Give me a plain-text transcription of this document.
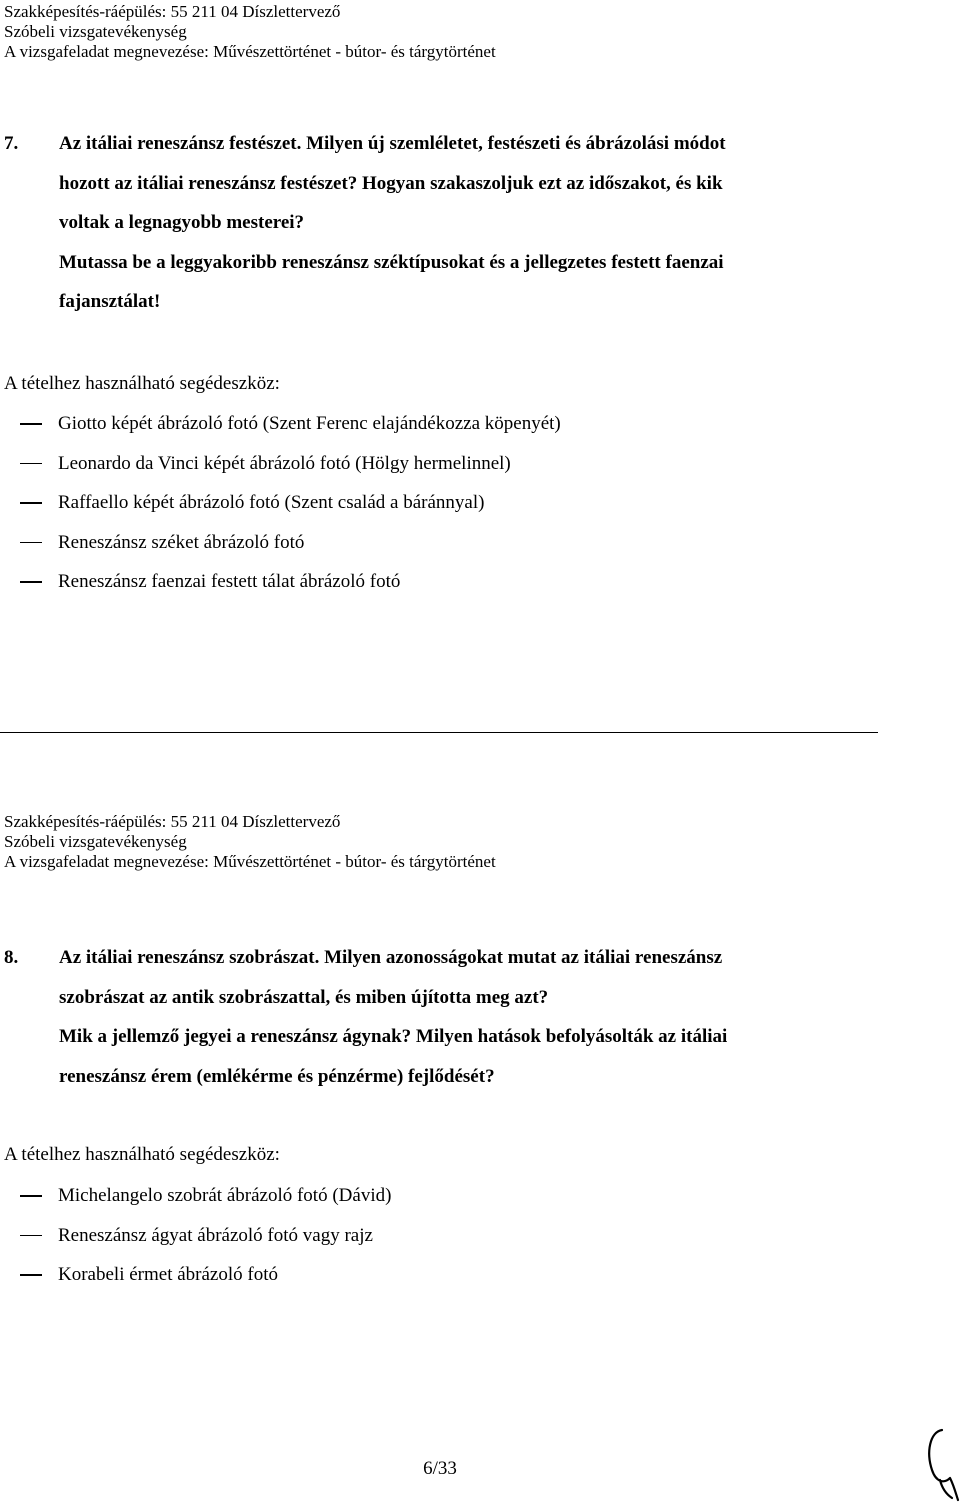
Szakképesítés-ráépülés: 55 211 04 Díszlettervező
Szóbeli vizsgatevékenység
A vizsgafeladat megnevezése: Művészettörténet - bútor- és tárgytörténet
7. Az itáliai reneszánsz festészet. Milyen új szemléletet, festészeti és ábrázolási módot
hozott az itáliai reneszánsz festészet? Hogyan szakaszoljuk ezt az időszakot, és kik
voltak a legnagyobb mesterei?
Mutassa be a leggyakoribb reneszánsz széktípusokat és a jellegzetes festett faenzai
fajansztálat!
A tételhez használható segédeszköz:
Giotto képét ábrázoló fotó (Szent Ferenc elajándékozza köpenyét)
Leonardo da Vinci képét ábrázoló fotó (Hölgy hermelinnel)
Raffaello képét ábrázoló fotó (Szent család a báránnyal)
Reneszánsz széket ábrázoló fotó
Reneszánsz faenzai festett tálat ábrázoló fotó
Szakképesítés-ráépülés: 55 211 04 Díszlettervező
Szóbeli vizsgatevékenység
A vizsgafeladat megnevezése: Művészettörténet - bútor- és tárgytörténet
8. Az itáliai reneszánsz szobrászat. Milyen azonosságokat mutat az itáliai reneszánsz
szobrászat az antik szobrászattal, és miben újította meg azt?
Mik a jellemző jegyei a reneszánsz ágynak? Milyen hatások befolyásolták az itáliai
reneszánsz érem (emlékérme és pénzérme) fejlődését?
A tételhez használható segédeszköz:
Michelangelo szobrát ábrázoló fotó (Dávid)
Reneszánsz ágyat ábrázoló fotó vagy rajz
Korabeli érmet ábrázoló fotó
6/33
